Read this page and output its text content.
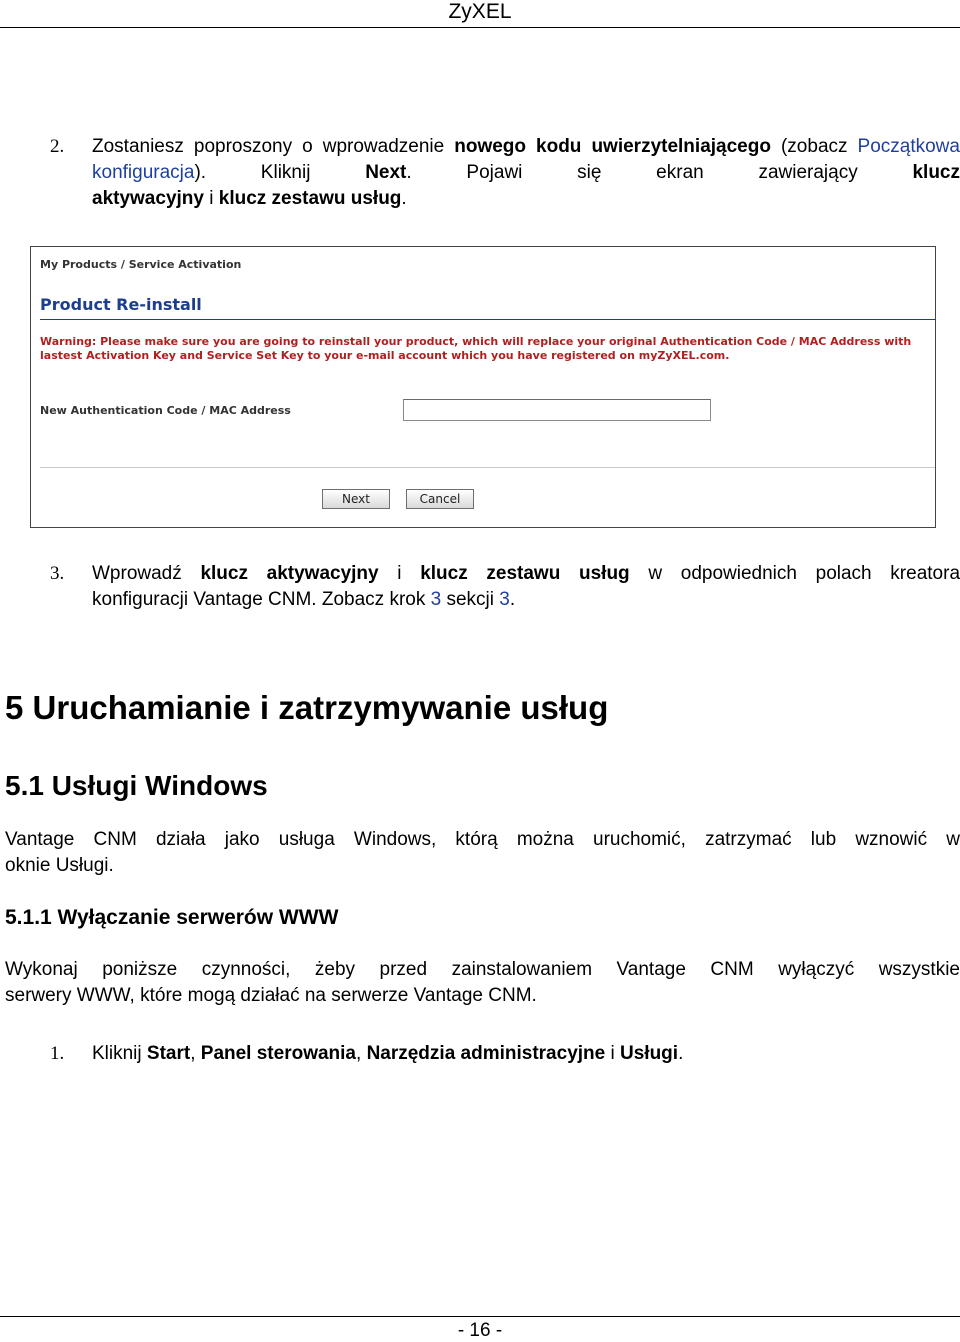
ZyXEL
2. Zostaniesz poproszony o wprowadzenie nowego kodu uwierzytelniającego (zobacz Początkowa
konfiguracja). Kliknij Next. Pojawi się ekran zawierający klucz
aktywacyjny i klucz zestawu usług.
My Products / Service Activation
Product Re-install
Warning: Please make sure you are going to reinstall your product, which will replace your original Authentication Code / MAC Address with
lastest Activation Key and Service Set Key to your e-mail account which you have registered on myZyXEL.com.
New Authentication Code / MAC Address
Next	Cancel
3. Wprowadź klucz aktywacyjny i klucz zestawu usług w odpowiednich polach kreatora
konfiguracji Vantage CNM. Zobacz krok 3 sekcji 3.
5 Uruchamianie i zatrzymywanie usług
5.1 Usługi Windows
Vantage CNM działa jako usługa Windows, którą można uruchomić, zatrzymać lub wznowić w
oknie Usługi.
5.1.1 Wyłączanie serwerów WWW
Wykonaj poniższe czynności, żeby przed zainstalowaniem Vantage CNM wyłączyć wszystkie
serwery WWW, które mogą działać na serwerze Vantage CNM.
1. Kliknij Start, Panel sterowania, Narzędzia administracyjne i Usługi.
- 16 -
